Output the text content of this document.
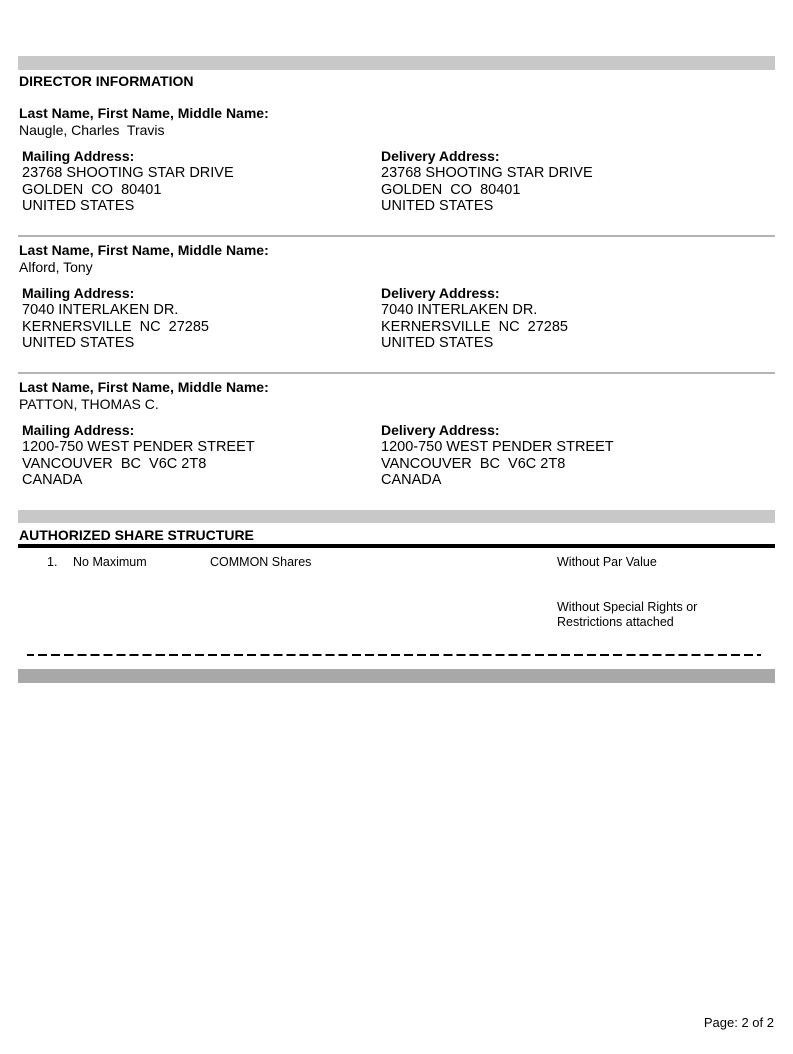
DIRECTOR INFORMATION
Last Name, First Name, Middle Name:
Naugle, Charles  Travis
Mailing Address:
23768 SHOOTING STAR DRIVE
GOLDEN  CO  80401
UNITED STATES
Delivery Address:
23768 SHOOTING STAR DRIVE
GOLDEN  CO  80401
UNITED STATES
Last Name, First Name, Middle Name:
Alford, Tony
Mailing Address:
7040 INTERLAKEN DR.
KERNERSVILLE  NC  27285
UNITED STATES
Delivery Address:
7040 INTERLAKEN DR.
KERNERSVILLE  NC  27285
UNITED STATES
Last Name, First Name, Middle Name:
PATTON, THOMAS C.
Mailing Address:
1200-750 WEST PENDER STREET
VANCOUVER  BC  V6C 2T8
CANADA
Delivery Address:
1200-750 WEST PENDER STREET
VANCOUVER  BC  V6C 2T8
CANADA
AUTHORIZED SHARE STRUCTURE
1. No Maximum	COMMON Shares	Without Par Value
Without Special Rights or
Restrictions attached
Page: 2 of 2
